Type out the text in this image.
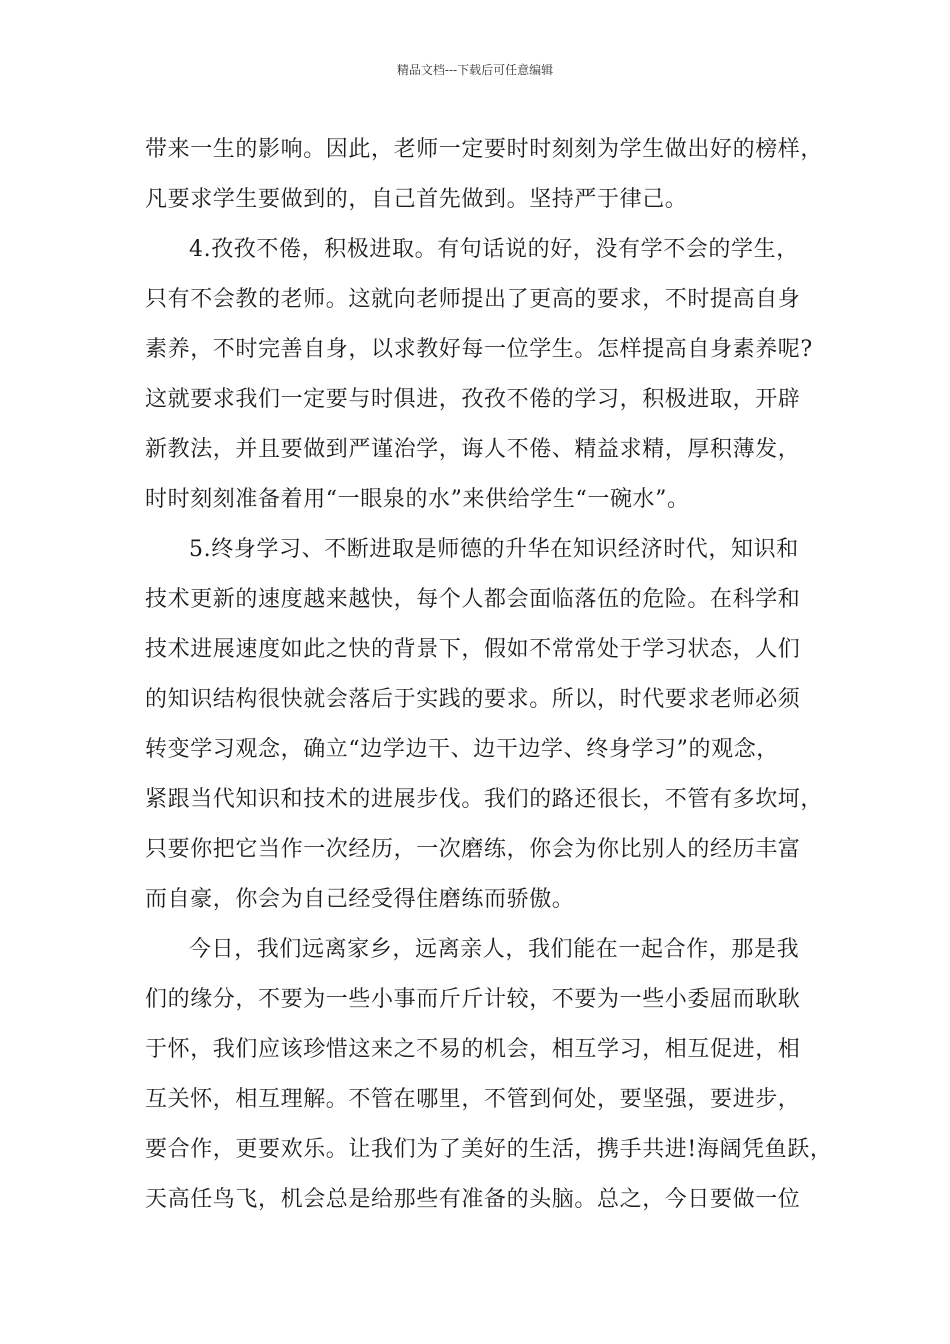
精品文档---下载后可任意编辑
带来一生的影响。因此，老师一定要时时刻刻为学生做出好的榜样，
凡要求学生要做到的，自己首先做到。坚持严于律己。
4.孜孜不倦，积极进取。有句话说的好，没有学不会的学生，
只有不会教的老师。这就向老师提出了更高的要求，不时提高自身
素养，不时完善自身，以求教好每一位学生。怎样提高自身素养呢?
这就要求我们一定要与时俱进，孜孜不倦的学习，积极进取，开辟
新教法，并且要做到严谨治学，诲人不倦、精益求精，厚积薄发，
时时刻刻准备着用“一眼泉的水”来供给学生“一碗水”。
5.终身学习、不断进取是师德的升华在知识经济时代，知识和
技术更新的速度越来越快，每个人都会面临落伍的危险。在科学和
技术进展速度如此之快的背景下，假如不常常处于学习状态，人们
的知识结构很快就会落后于实践的要求。所以，时代要求老师必须
转变学习观念，确立“边学边干、边干边学、终身学习”的观念，
紧跟当代知识和技术的进展步伐。我们的路还很长，不管有多坎坷，
只要你把它当作一次经历，一次磨练，你会为你比别人的经历丰富
而自豪，你会为自己经受得住磨练而骄傲。
今日，我们远离家乡，远离亲人，我们能在一起合作，那是我
们的缘分，不要为一些小事而斤斤计较，不要为一些小委屈而耿耿
于怀，我们应该珍惜这来之不易的机会，相互学习，相互促进，相
互关怀，相互理解。不管在哪里，不管到何处，要坚强，要进步，
要合作，更要欢乐。让我们为了美好的生活，携手共进!海阔凭鱼跃，
天高任鸟飞，机会总是给那些有准备的头脑。总之，今日要做一位
